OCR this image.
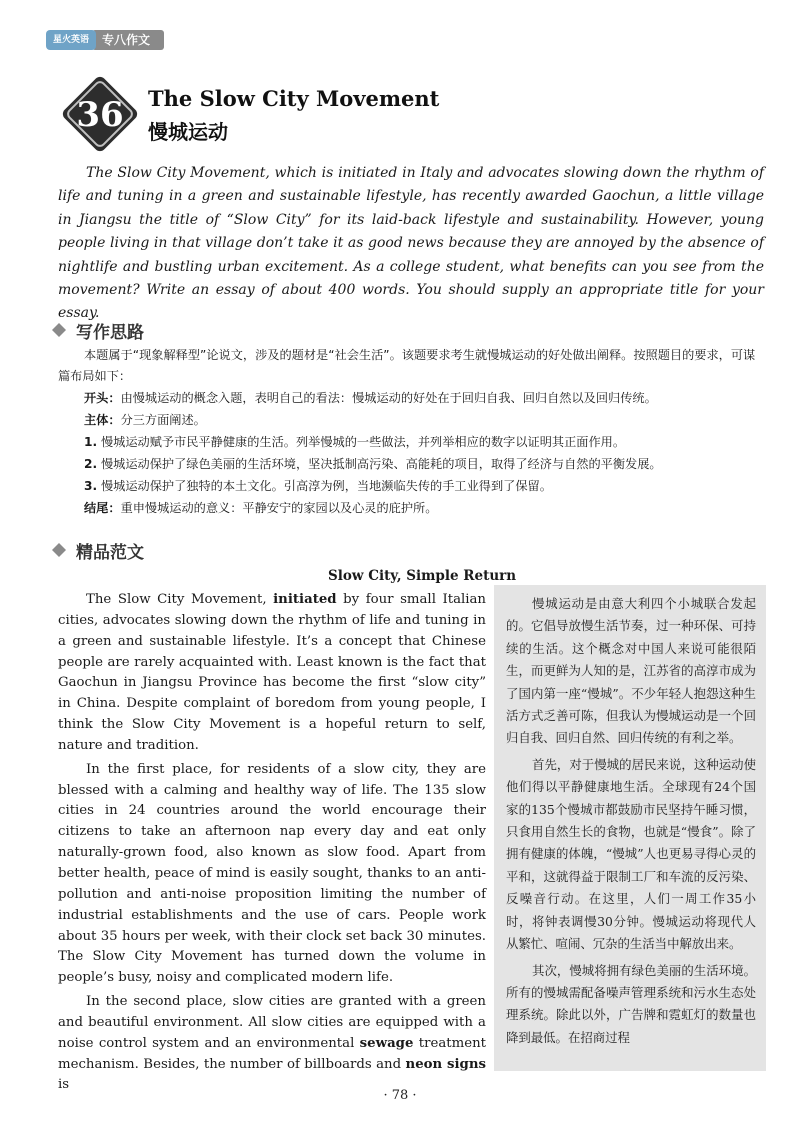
专八作文
星火英语
36 The Slow City Movement
慢城运动
The Slow City Movement, which is initiated in Italy and advocates slowing down the rhythm of life and tuning in a green and sustainable lifestyle, has recently awarded Gaochun, a little village in Jiangsu the title of “Slow City” for its laid-back lifestyle and sustainability. However, young people living in that village don’t take it as good news because they are annoyed by the absence of nightlife and bustling urban excitement. As a college student, what benefits can you see from the movement? Write an essay of about 400 words. You should supply an appropriate title for your essay.
写作思路
本题属于“现象解释型”论说文，涉及的题材是“社会生活”。该题要求考生就慢城运动的好处做出阐释。按照题目的要求，可谋篇布局如下：
开头：由慢城运动的概念入题，表明自己的看法：慢城运动的好处在于回归自我、回归自然以及回归传统。
主体：分三方面阐述。
1. 慢城运动赋予市民平静健康的生活。列举慢城的一些做法，并列举相应的数字以证明其正面作用。
2. 慢城运动保护了绿色美丽的生活环境，坚决抵制高污染、高能耗的项目，取得了经济与自然的平衡发展。
3. 慢城运动保护了独特的本土文化。引高淳为例，当地濒临失传的手工业得到了保留。
结尾：重申慢城运动的意义：平静安宁的家园以及心灵的庇护所。
精品范文
Slow City, Simple Return

The Slow City Movement, initiated by four small Italian cities, advocates slowing down the rhythm of life and tuning in a green and sustainable lifestyle. It’s a concept that Chinese people are rarely acquainted with. Least known is the fact that Gaochun in Jiangsu Province has become the first “slow city” in China. Despite complaint of boredom from young people, I think the Slow City Movement is a hopeful return to self, nature and tradition.

In the first place, for residents of a slow city, they are blessed with a calming and healthy way of life. The 135 slow cities in 24 countries around the world encourage their citizens to take an afternoon nap every day and eat only naturally-grown food, also known as slow food. Apart from better health, peace of mind is easily sought, thanks to an anti-pollution and anti-noise proposition limiting the number of industrial establishments and the use of cars. People work about 35 hours per week, with their clock set back 30 minutes. The Slow City Movement has turned down the volume in people’s busy, noisy and complicated modern life.

In the second place, slow cities are granted with a green and beautiful environment. All slow cities are equipped with a noise control system and an environmental sewage treatment mechanism. Besides, the number of billboards and neon signs is

慢城运动是由意大利四个小城联合发起的。它倡导放慢生活节奏，过一种环保、可持续的生活。这个概念对中国人来说可能很陌生，而更鲜为人知的是，江苏省的高淳市成为了国内第一座“慢城”。不少年轻人抱怨这种生活方式乏善可陈，但我认为慢城运动是一个回归自我、回归自然、回归传统的有利之举。

首先，对于慢城的居民来说，这种运动使他们得以平静健康地生活。全球现有24个国家的135个慢城市都鼓励市民坚持午睡习惯，只食用自然生长的食物，也就是“慢食”。除了拥有健康的体魄，“慢城”人也更易寻得心灵的平和，这就得益于限制工厂和车流的反污染、反噪音行动。在这里，人们一周工作35小时，将钟表调慢30分钟。慢城运动将现代人从繁忙、喧闹、冗杂的生活当中解放出来。

其次，慢城将拥有绿色美丽的生活环境。所有的慢城需配备噪声管理系统和污水生态处理系统。除此以外，广告牌和霓虹灯的数量也降到最低。在招商过程

· 78 ·
